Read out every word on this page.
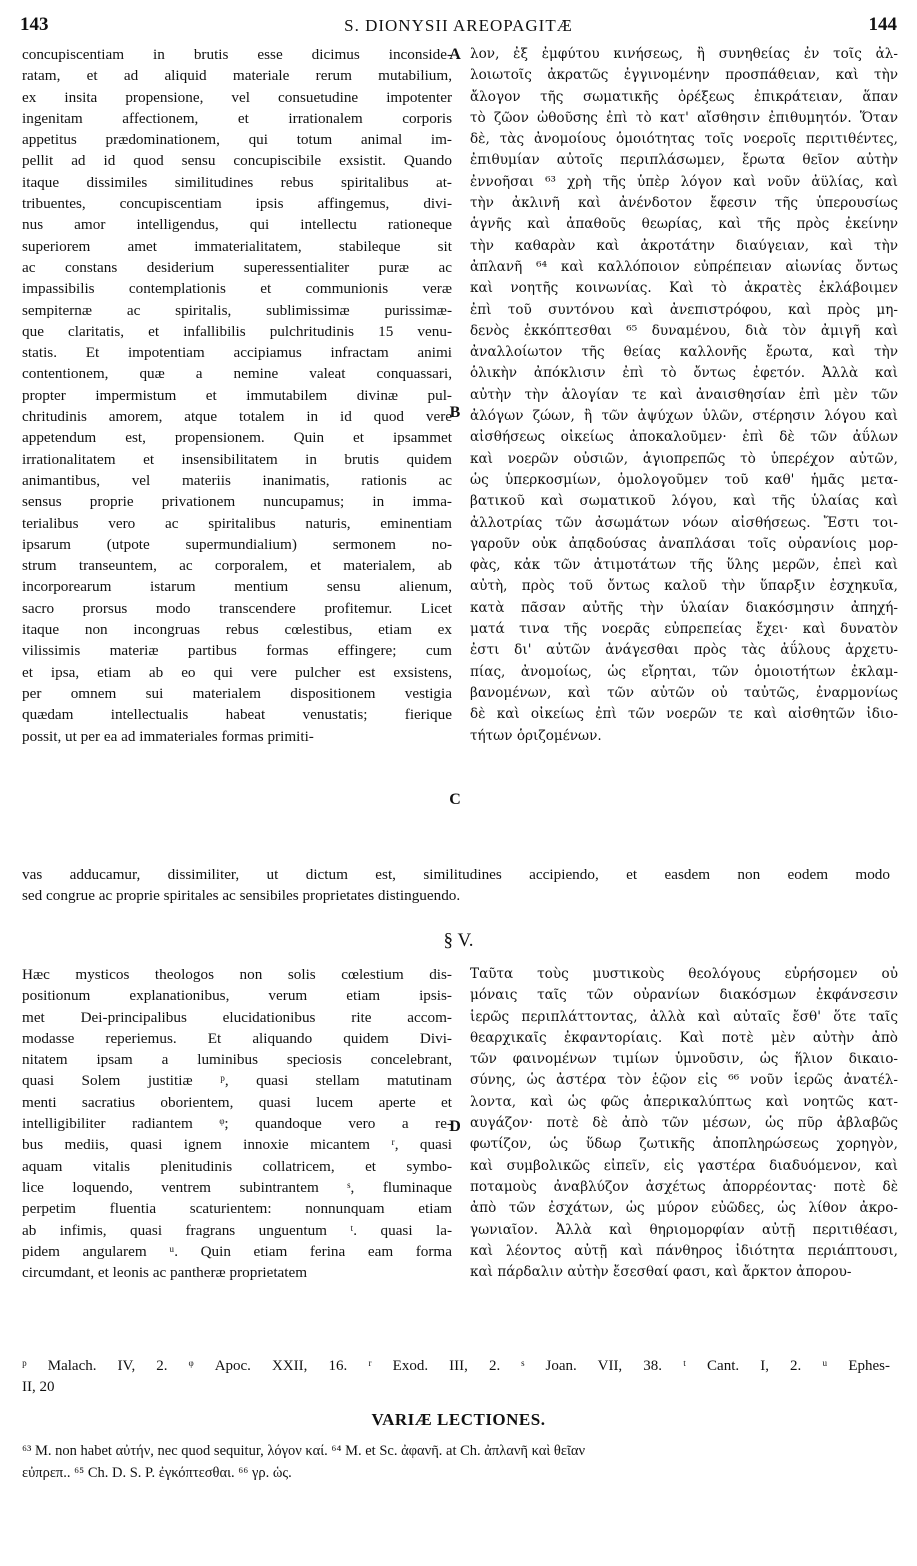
143	S. DIONYSII AREOPAGITÆ	144
concupiscentiam in brutis esse dicimus inconside-
ratam, et ad aliquid materiale rerum mutabilium,
ex insita propensione, vel consuetudine impotenter
ingenitam affectionem, et irrationalem corporis
appetitus prædominationem, qui totum animal im-
pellit ad id quod sensu concupiscibile exsistit. Quando
itaque dissimiles similitudines rebus spiritalibus at-
tribuentes, concupiscentiam ipsis affingemus, divi-
nus amor intelligendus, qui intellectu rationeque
superiorem amet immaterialitatem, stabileque sit
ac constans desiderium superessentialiter puræ ac
impassibilis contemplationis et communionis veræ
sempiternæ ac spiritalis, sublimissimæ purissimæ-
que claritatis, et infallibilis pulchritudinis 15 venu-
statis. Et impotentiam accipiamus infractam animi
contentionem, quæ a nemine valeat conquassari,
propter impermistum et immutabilem divinæ pul-
chritudinis amorem, atque totalem in id quod vere
appetendum est, propensionem. Quin et ipsammet
irrationalitatem et insensibilitatem in brutis quidem
animantibus, vel materiis inanimatis, rationis ac
sensus proprie privationem nuncupamus; in imma-
terialibus vero ac spiritalibus naturis, eminentiam
ipsarum (utpote supermundialium) sermonem no-
strum transeuntem, ac corporalem, et materialem, ab
incorporearum istarum mentium sensu alienum,
sacro prorsus modo transcendere profitemur. Licet
itaque non incongruas rebus cœlestibus, etiam ex
vilissimis materiæ partibus formas effingere; cum
et ipsa, etiam ab eo qui vere pulcher est exsistens,
per omnem sui materialem dispositionem vestigia
quædam intellectualis habeat venustatis; fierique
possit, ut per ea ad immateriales formas primiti-
λον, ἐξ ἐμφύτου κινήσεως, ἢ συνηθείας ἐν τοῖς ἀλ-
λοιωτοῖς ἀκρατῶς ἐγγινομένην προσπάθειαν, καὶ τὴν
ἄλογον τῆς σωματικῆς ὀρέξεως ἐπικράτειαν, ἅπαν
τὸ ζῶον ὠθοῦσης ἐπὶ τὸ κατ' αἴσθησιν ἐπιθυμητόν. Ὅταν
δὲ, τὰς ἀνομοίους ὁμοιότητας τοῖς νοεροῖς περιτιθέντες,
ἐπιθυμίαν αὐτοῖς περιπλάσωμεν, ἔρωτα θεῖον αὐτὴν
ἐννοῆσαι ⁶³ χρὴ τῆς ὑπὲρ λόγον καὶ νοῦν ἀϋλίας, καὶ
τὴν ἀκλινῆ καὶ ἀνένδοτον ἔφεσιν τῆς ὑπερουσίως
ἁγνῆς καὶ ἀπαθοῦς θεωρίας, καὶ τῆς πρὸς ἐκείνην
τὴν καθαρὰν καὶ ἀκροτάτην διαύγειαν, καὶ τὴν
ἀπλανῆ ⁶⁴ καὶ καλλόποιον εὐπρέπειαν αἰωνίας ὄντως
καὶ νοητῆς κοινωνίας. Καὶ τὸ ἀκρατὲς ἐκλάβοιμεν
ἐπὶ τοῦ συντόνου καὶ ἀνεπιστρόφου, καὶ πρὸς μη-
δενὸς ἐκκόπτεσθαι ⁶⁵ δυναμένου, διὰ τὸν ἀμιγῆ καὶ
ἀναλλοίωτον τῆς θείας καλλονῆς ἔρωτα, καὶ τὴν
ὁλικὴν ἀπόκλισιν ἐπὶ τὸ ὄντως ἐφετόν. Ἀλλὰ καὶ
αὐτὴν τὴν ἀλογίαν τε καὶ ἀναισθησίαν ἐπὶ μὲν τῶν
ἀλόγων ζώων, ἢ τῶν ἀψύχων ὑλῶν, στέρησιν λόγου καὶ
αἰσθήσεως οἰκείως ἀποκαλοῦμεν· ἐπὶ δὲ τῶν ἀΰλων
καὶ νοερῶν οὐσιῶν, ἁγιοπρεπῶς τὸ ὑπερέχον αὐτῶν,
ὡς ὑπερκοσμίων, ὁμολογοῦμεν τοῦ καθ' ἡμᾶς μετα-
βατικοῦ καὶ σωματικοῦ λόγου, καὶ τῆς ὑλαίας καὶ
ἀλλοτρίας τῶν ἀσωμάτων νόων αἰσθήσεως. Ἔστι τοι-
γαροῦν οὐκ ἀπᾳδούσας ἀναπλάσαι τοῖς οὐρανίοις μορ-
φὰς, κἀκ τῶν ἀτιμοτάτων τῆς ὕλης μερῶν, ἐπεὶ καὶ
αὐτὴ, πρὸς τοῦ ὄντως καλοῦ τὴν ὕπαρξιν ἐσχηκυῖα,
κατὰ πᾶσαν αὐτῆς τὴν ὑλαίαν διακόσμησιν ἀπηχή-
ματά τινα τῆς νοερᾶς εὐπρεπείας ἔχει· καὶ δυνατὸν
ἐστι δι' αὐτῶν ἀνάγεσθαι πρὸς τὰς ἀΰλους ἀρχετυ-
πίας, ἀνομοίως, ὡς εἴρηται, τῶν ὁμοιοτήτων ἐκλαμ-
βανομένων, καὶ τῶν αὐτῶν οὐ ταὐτῶς, ἐναρμονίως
δὲ καὶ οἰκείως ἐπὶ τῶν νοερῶν τε καὶ αἰσθητῶν ἰδιο-
τήτων ὁριζομένων.
A
B
C
D
vas adducamur, dissimiliter, ut dictum est, similitudines accipiendo, et easdem non eodem modo
sed congrue ac proprie spiritales ac sensibiles proprietates distinguendo.
§ V.
Hæc mysticos theologos non solis cœlestium dis-
positionum explanationibus, verum etiam ipsis-
met Dei-principalibus elucidationibus rite accom-
modasse reperiemus. Et aliquando quidem Divi-
nitatem ipsam a luminibus speciosis concelebrant,
quasi Solem justitiæ ᵖ, quasi stellam matutinam
menti sacratius oborientem, quasi lucem aperte et
intelligibiliter radiantem ᵠ; quandoque vero a re-
bus mediis, quasi ignem innoxie micantem ʳ, quasi
aquam vitalis plenitudinis collatricem, et symbo-
lice loquendo, ventrem subintrantem ˢ, fluminaque
perpetim fluentia scaturientem: nonnunquam etiam
ab infimis, quasi fragrans unguentum ᵗ. quasi la-
pidem angularem ᵘ. Quin etiam ferina eam forma
circumdant, et leonis ac pantheræ proprietatem
Ταῦτα τοὺς μυστικοὺς θεολόγους εὑρήσομεν οὐ
μόναις ταῖς τῶν οὐρανίων διακόσμων ἐκφάνσεσιν
ἱερῶς περιπλάττοντας, ἀλλὰ καὶ αὐταῖς ἔσθ' ὅτε ταῖς
θεαρχικαῖς ἐκφαντορίαις. Καὶ ποτὲ μὲν αὐτὴν ἀπὸ
τῶν φαινομένων τιμίων ὑμνοῦσιν, ὡς ἥλιον δικαιο-
σύνης, ὡς ἀστέρα τὸν ἑῷον εἰς ⁶⁶ νοῦν ἱερῶς ἀνατέλ-
λοντα, καὶ ὡς φῶς ἀπερικαλύπτως καὶ νοητῶς κατ-
αυγάζον· ποτὲ δὲ ἀπὸ τῶν μέσων, ὡς πῦρ ἀβλαβῶς
φωτίζον, ὡς ὕδωρ ζωτικῆς ἀποπληρώσεως χορηγὸν,
καὶ συμβολικῶς εἰπεῖν, εἰς γαστέρα διαδυόμενον, καὶ
ποταμοὺς ἀναβλύζον ἀσχέτως ἀπορρέοντας· ποτὲ δὲ
ἀπὸ τῶν ἐσχάτων, ὡς μύρον εὐῶδες, ὡς λίθον ἀκρο-
γωνιαῖον. Ἀλλὰ καὶ θηριομορφίαν αὐτῇ περιτιθέασι,
καὶ λέοντος αὐτῇ καὶ πάνθηρος ἰδιότητα περιάπτουσι,
καὶ πάρδαλιν αὐτὴν ἔσεσθαί φασι, καὶ ἄρκτον ἀπορου-
ᵖ Malach. IV, 2. ᵠ Apoc. XXII, 16. ʳ Exod. III, 2. ˢ Joan. VII, 38. ᵗ Cant. I, 2. ᵘ Ephes-
II, 20
VARIÆ LECTIONES.
⁶³ M. non habet αὐτήν, nec quod sequitur, λόγον καί. ⁶⁴ M. et Sc. ἀφανῆ. at Ch. ἀπλανῆ καὶ θεῖαν
εὐπρεπ.. ⁶⁵ Ch. D. S. P. ἐγκόπτεσθαι. ⁶⁶ γρ. ὡς.
